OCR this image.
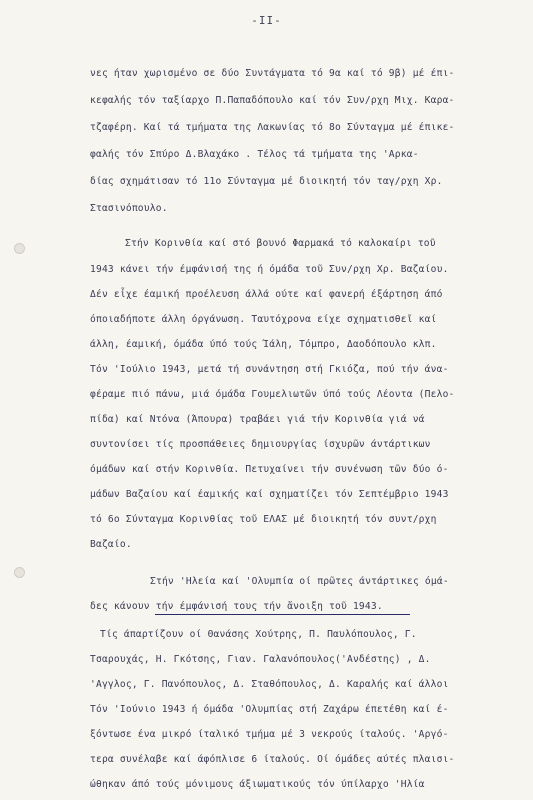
-II-
νες ήταν χωρισμένο σε δύο Συντάγματα τό 9α καί τό 9β) μέ έπι-
κεφαλής τόν ταξίαρχο Π.Παπαδόπουλο καί τόν Συν/ρχη Μιχ. Καρα-
τζαφέρη. Καί τά τμήματα της Λακωνίας τό 8ο Σύνταγμα μέ έπικε-
φαλής τόν Σπύρο Δ.Βλαχάκο . Τέλος τά τμήματα της 'Αρκα-
δίας σχημάτισαν τό 11ο Σύνταγμα μέ διοικητή τόν ταγ/ρχη Χρ.
Στασινόπουλο.
Στήν Κορινθία καί στό βουνό Φαρμακά τό καλοκαίρι τοῦ
1943 κάνει τήν έμφάνισή της ή όμάδα τοῦ Συν/ρχη Χρ. Βαζαίου.
Δέν εἶχε έαμική προέλευση άλλά ούτε καί φανερή έξάρτηση άπό
όποιαδήποτε άλλη όργάνωση. Ταυτόχρονα είχε σχηματισθεῖ καί
άλλη, έαμική, όμάδα ύπό τούς Ίάλη, Τόμπρο, Δαοδόπουλο κλπ.
Τόν 'Ιούλιο 1943, μετά τή συνάντηση στή Γκιόζα, πού τήν άνα-
φέραμε πιό πάνω, μιά όμάδα Γουμελιωτῶν ύπό τούς Λέοντα (Πελο-
πίδα) καί Ντόνα (Άπουρα) τραβάει γιά τήν Κορινθία γιά νά
συντονίσει τίς προσπάθειες δημιουργίας ίσχυρῶν άντάρτικων
όμάδων καί στήν Κορινθία. Πετυχαίνει τήν συνένωση τῶν δύο ό-
μάδων Βαζαίου καί έαμικής καί σχηματίζει τόν Σεπτέμβριο 1943
τό 6ο Σύνταγμα Κορινθίας τοῦ ΕΛΑΣ μέ διοικητή τόν συντ/ρχη
Βαζαίο.
Στήν 'Ηλεία καί 'Ολυμπία οί πρῶτες άντάρτικες όμά-
δες κάνουν τήν έμφάνισή τους τήν ἄνοιξη τοῦ 1943.
Τίς άπαρτίζουν οί Θανάσης Χούτρης, Π. Παυλόπουλος, Γ.
Τσαρουχάς, Η. Γκότσης, Γιαν. Γαλανόπουλος('Ανδέστης) , Δ.
'Αγγλος, Γ. Πανόπουλος, Δ. Σταθόπουλος, Δ. Καραλής καί άλλοι
Τόν 'Ιούνιο 1943 ή όμάδα 'Ολυμπίας στή Ζαχάρω έπετέθη καί έ-
ξόντωσε ένα μικρό ίταλικό τμήμα μέ 3 νεκρούς ίταλούς. 'Αργό-
τερα συνέλαβε καί άφόπλισε 6 ίταλούς. Οί όμάδες αύτές πλαισι-
ώθηκαν άπό τούς μόνιμους άξιωματικούς τόν ύπίλαρχο 'Ηλία
